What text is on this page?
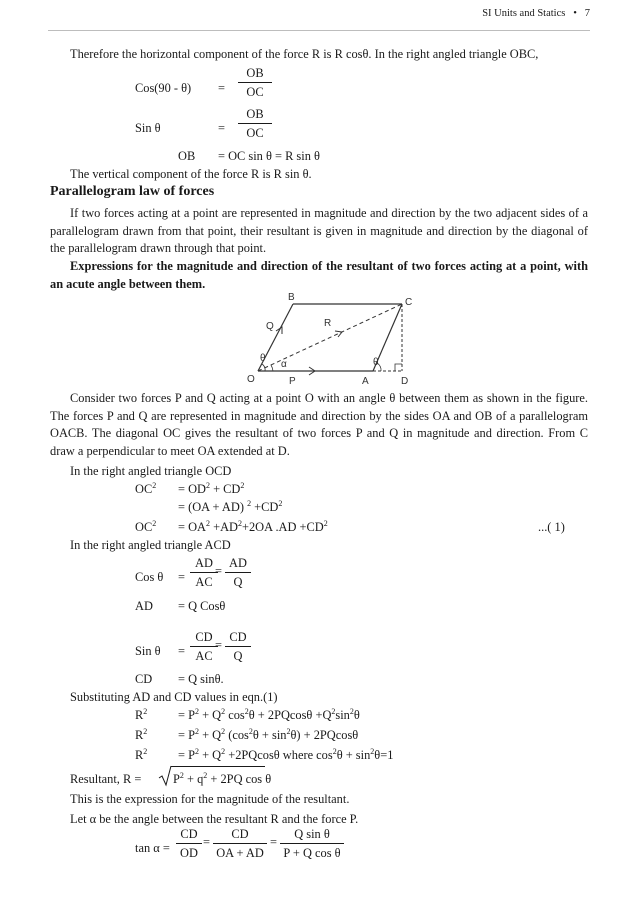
SI Units and Statics • 7
Therefore the horizontal component of the force R is R cosθ. In the right angled triangle OBC,
$Cos(90 - \theta) = \frac{OB}{OC}$
Sin θ	= $\frac{OB}{OC}$
OB = OC sin θ = R sin θ
The vertical component of the force R is R sin θ.
Parallelogram law of forces
If two forces acting at a point are represented in magnitude and direction by the two adjacent sides of a parallelogram drawn from that point, their resultant is given in magnitude and direction by the diagonal of the parallelogram drawn through that point.
Expressions for the magnitude and direction of the resultant of two forces acting at a point, with an acute angle between them.
B	C
O	A	D
P
Q	R
θ
α	θ
Consider two forces P and Q acting at a point O with an angle θ between them as shown in the figure. The forces P and Q are represented in magnitude and direction by the sides OA and OB of a parallelogram OACB. The diagonal OC gives the resultant of two forces P and Q in magnitude and direction. From C draw a perpendicular to meet OA extended at D.
In the right angled triangle OCD
$OC^2 = OD^2 + CD^2$
= (OA + AD) $^2 +CD^2$
$OC^2 = OA^2 +AD^2+2OA$ $.AD +CD^2$	...( 1)
In the right angled triangle ACD
Cos $\theta = \frac{AD}{AC}$
= $\frac{AD}{Q}$
AD = Q Cosθ
Sin $\theta = \frac{CD}{AC}$
= $\frac{CD}{Q}$
CD = Q sinθ.
Substituting AD and CD values in eqn.(1)
$R^2 = P^2 + Q^2$ $\cos^2\theta + 2PQcos\theta +Q^2\sin^2\theta$
$R^2 = P^2 + Q^2$ $(\cos^2\theta + \sin^2\theta) + 2PQcos\theta$
$R^2 = P^2 + Q^2 +2PQcos\theta$ where $\cos^2\theta + \sin^2\theta=1$
Resultant, R =	$P^2 + q^2 + 2PQ$ cos θ
This is the expression for the magnitude of the resultant.
Let α be the angle between the resultant R and the force P.
$\tan \alpha = \frac{CD}{OD} = \frac{CD}{OA + AD} = \frac{\text{Q sin θ}}{\text{P + Q cos θ}}$
